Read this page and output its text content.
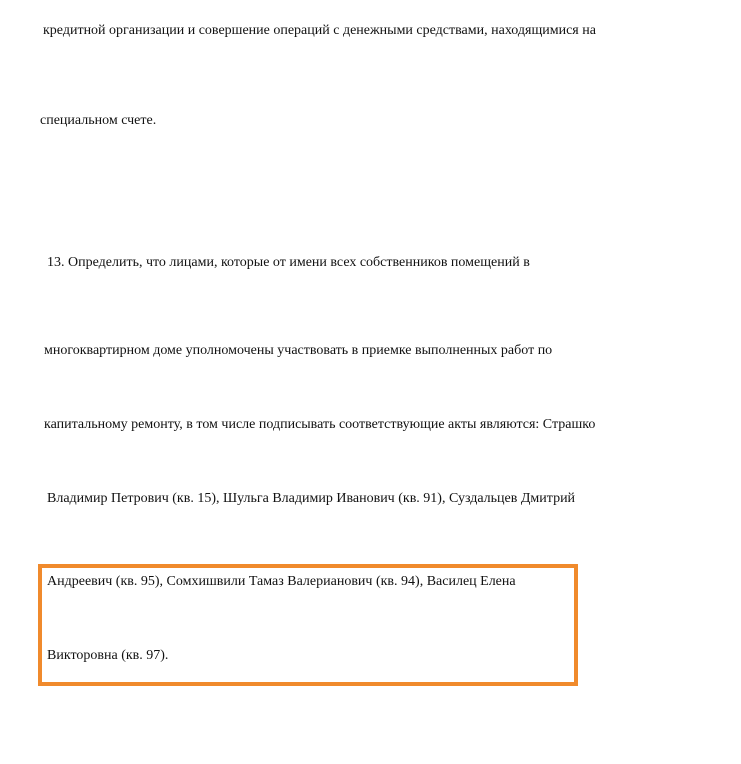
кредитной организации и совершение операций с денежными средствами, находящимися на
специальном счете.
13. Определить, что лицами, которые от имени всех собственников помещений в
многоквартирном доме уполномочены участвовать в приемке выполненных работ по
капитальному ремонту, в том числе подписывать соответствующие акты являются: Страшко
Владимир Петрович (кв. 15), Шульга Владимир Иванович (кв. 91), Суздальцев Дмитрий
Андреевич (кв. 95), Сомхишвили Тамаз Валерианович (кв. 94), Василец Елена
Викторовна (кв. 97).
